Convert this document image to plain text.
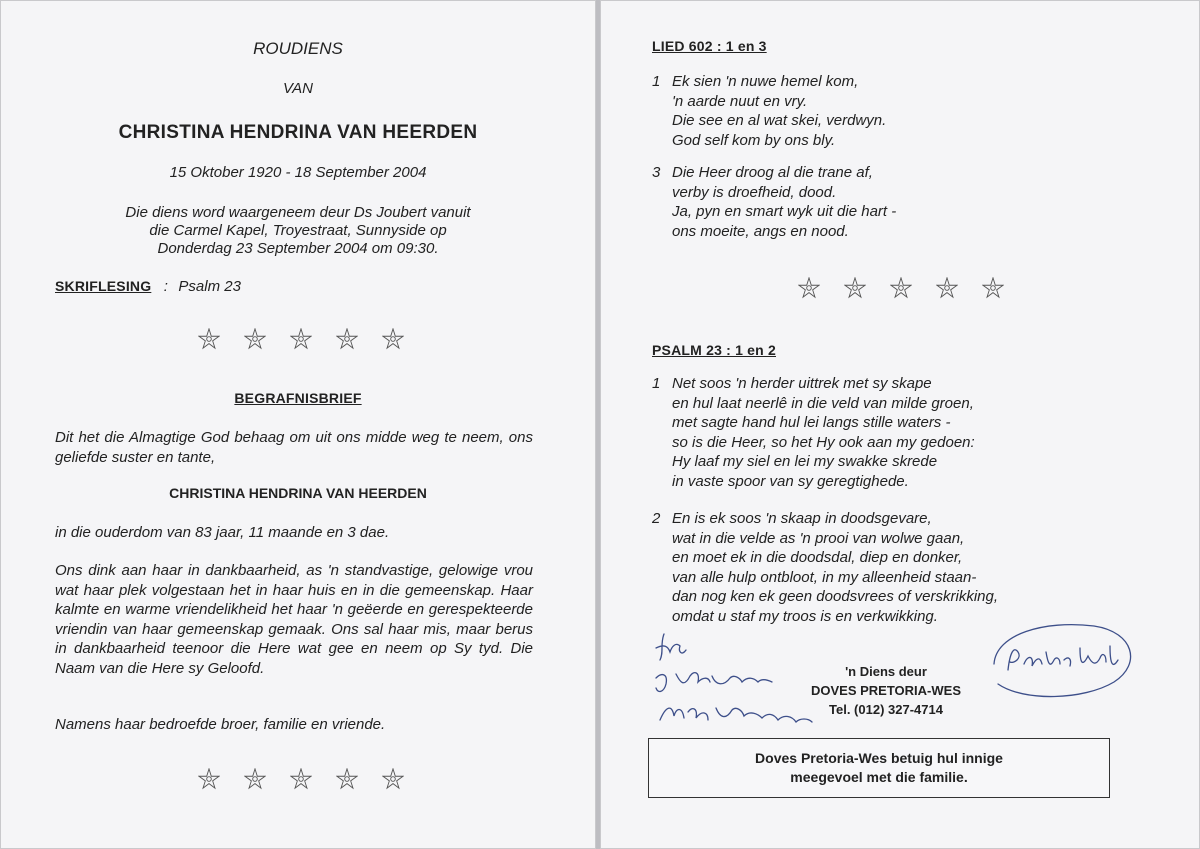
ROUDIENS
VAN
CHRISTINA HENDRINA VAN HEERDEN
15 Oktober 1920 - 18 September 2004
Die diens word waargeneem deur Ds Joubert vanuit
die Carmel Kapel, Troyestraat, Sunnyside op
Donderdag 23 September 2004 om 09:30.
SKRIFLESING : Psalm 23
BEGRAFNISBRIEF
Dit het die Almagtige God behaag om uit ons midde weg te neem, ons geliefde suster en tante,
CHRISTINA HENDRINA VAN HEERDEN
in die ouderdom van 83 jaar, 11 maande en 3 dae.
Ons dink aan haar in dankbaarheid, as 'n standvastige, gelowige vrou wat haar plek volgestaan het in haar huis en in die gemeenskap. Haar kalmte en warme vriendelikheid het haar 'n geëerde en gerespekteerde vriendin van haar gemeenskap gemaak. Ons sal haar mis, maar berus in dankbaarheid teenoor die Here wat gee en neem op Sy tyd. Die Naam van die Here sy Geloofd.
Namens haar bedroefde broer, familie en vriende.
LIED 602 : 1 en 3
1 Ek sien 'n nuwe hemel kom,
'n aarde nuut en vry.
Die see en al wat skei, verdwyn.
God self kom by ons bly.
3 Die Heer droog al die trane af,
verby is droefheid, dood.
Ja, pyn en smart wyk uit die hart -
ons moeite, angs en nood.
PSALM 23 : 1 en 2
1 Net soos 'n herder uittrek met sy skape
en hul laat neerlê in die veld van milde groen,
met sagte hand hul lei langs stille waters -
so is die Heer, so het Hy ook aan my gedoen:
Hy laaf my siel en lei my swakke skrede
in vaste spoor van sy geregtighede.
2 En is ek soos 'n skaap in doodsgevare,
wat in die velde as 'n prooi van wolwe gaan,
en moet ek in die doodsdal, diep en donker,
van alle hulp ontbloot, in my alleenheid staan-
dan nog ken ek geen doodsvrees of verskrikking,
omdat u staf my troos is en verkwikking.
'n Diens deur
DOVES PRETORIA-WES
Tel. (012) 327-4714
Doves Pretoria-Wes betuig hul innige
meegevoel met die familie.
